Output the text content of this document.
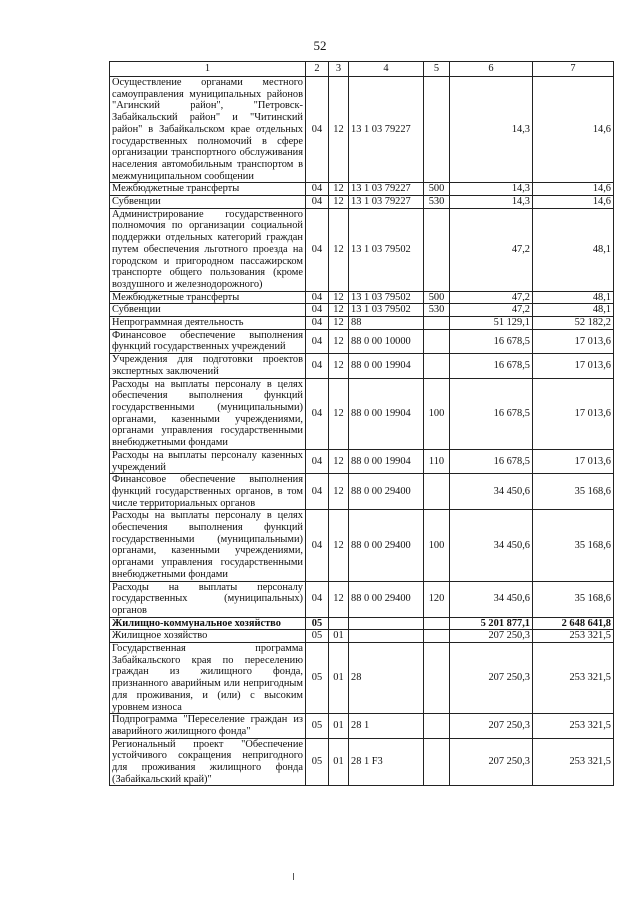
52
1	2	3	4	5	6	7
Осуществление органами местного самоуправления муниципальных районов "Агинский район", "Петровск-Забайкальский район" и "Читинский район" в Забайкальском крае отдельных государственных полномочий в сфере организации транспортного обслуживания населения автомобильным транспортом в межмуниципальном сообщении	04	12	13 1 03 79227		14,3	14,6
Межбюджетные трансферты	04	12	13 1 03 79227	500	14,3	14,6
Субвенции	04	12	13 1 03 79227	530	14,3	14,6
Администрирование государственного полномочия по организации социальной поддержки отдельных категорий граждан путем обеспечения льготного проезда на городском и пригородном пассажирском транспорте общего пользования (кроме воздушного и железнодорожного)	04	12	13 1 03 79502		47,2	48,1
Межбюджетные трансферты	04	12	13 1 03 79502	500	47,2	48,1
Субвенции	04	12	13 1 03 79502	530	47,2	48,1
Непрограммная деятельность	04	12	88		51 129,1	52 182,2
Финансовое обеспечение выполнения функций государственных учреждений	04	12	88 0 00 10000		16 678,5	17 013,6
Учреждения для подготовки проектов экспертных заключений	04	12	88 0 00 19904		16 678,5	17 013,6
Расходы на выплаты персоналу в целях обеспечения выполнения функций государственными (муниципальными) органами, казенными учреждениями, органами управления государственными внебюджетными фондами	04	12	88 0 00 19904	100	16 678,5	17 013,6
Расходы на выплаты персоналу казенных учреждений	04	12	88 0 00 19904	110	16 678,5	17 013,6
Финансовое обеспечение выполнения функций государственных органов, в том числе территориальных органов	04	12	88 0 00 29400		34 450,6	35 168,6
Расходы на выплаты персоналу в целях обеспечения выполнения функций государственными (муниципальными) органами, казенными учреждениями, органами управления государственными внебюджетными фондами	04	12	88 0 00 29400	100	34 450,6	35 168,6
Расходы на выплаты персоналу государственных (муниципальных) органов	04	12	88 0 00 29400	120	34 450,6	35 168,6
Жилищно-коммунальное хозяйство	05				5 201 877,1	2 648 641,8
Жилищное хозяйство	05	01			207 250,3	253 321,5
Государственная программа Забайкальского края по переселению граждан из жилищного фонда, признанного аварийным или непригодным для проживания, и (или) с высоким уровнем износа	05	01	28		207 250,3	253 321,5
Подпрограмма "Переселение граждан из аварийного жилищного фонда"	05	01	28 1		207 250,3	253 321,5
Региональный проект "Обеспечение устойчивого сокращения непригодного для проживания жилищного фонда (Забайкальский край)"	05	01	28 1 F3		207 250,3	253 321,5
